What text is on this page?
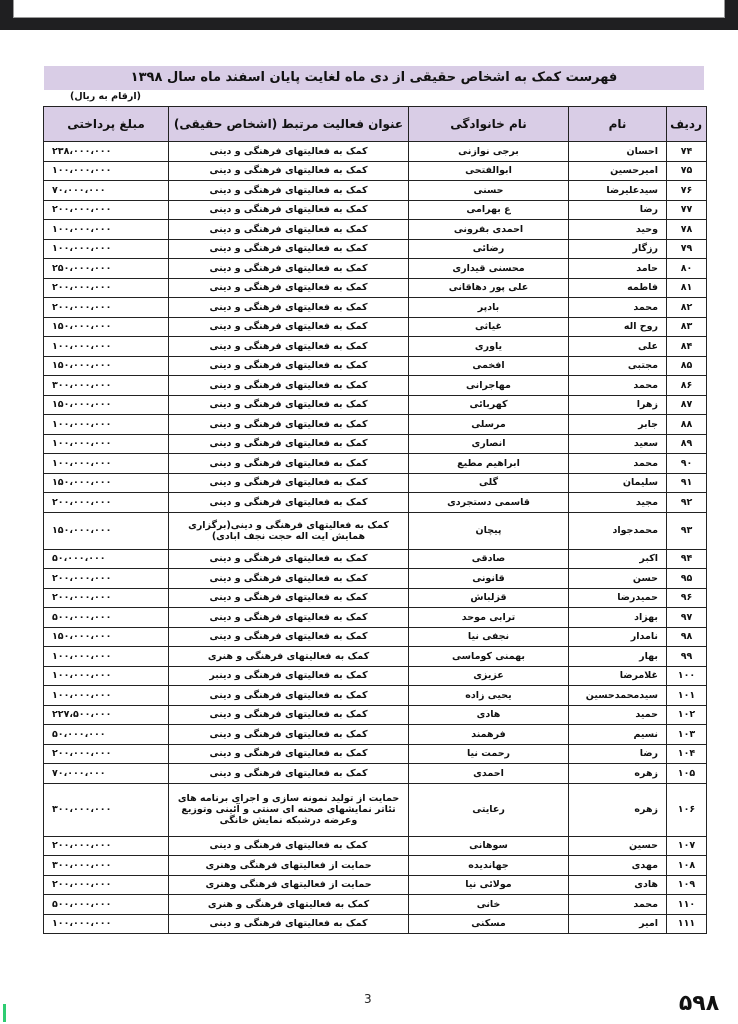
فهرست کمک به اشخاص حقیقی از دی ماه لغایت پایان اسفند ماه سال ۱۳۹۸
(ارقام به ریال)
ردیف	نام	نام خانوادگی	عنوان فعالیت مرتبط (اشخاص حقیقی)	مبلغ پرداختی
۷۴	احسان	برجی نوازنی	کمک به فعالیتهای فرهنگی و دینی	۲۳۸،۰۰۰،۰۰۰
۷۵	امیرحسین	ابوالفتحی	کمک به فعالیتهای فرهنگی و دینی	۱۰۰،۰۰۰،۰۰۰
۷۶	سیدعلیرضا	حسنی	کمک به فعالیتهای فرهنگی و دینی	۷۰،۰۰۰،۰۰۰
۷۷	رضا	ع بهرامی	کمک به فعالیتهای فرهنگی و دینی	۲۰۰،۰۰۰،۰۰۰
۷۸	وحید	احمدی بفرونی	کمک به فعالیتهای فرهنگی و دینی	۱۰۰،۰۰۰،۰۰۰
۷۹	رزگار	رضائی	کمک به فعالیتهای فرهنگی و دینی	۱۰۰،۰۰۰،۰۰۰
۸۰	حامد	محسنی قیداری	کمک به فعالیتهای فرهنگی و دینی	۲۵۰،۰۰۰،۰۰۰
۸۱	فاطمه	علی پور دهاقانی	کمک به فعالیتهای فرهنگی و دینی	۲۰۰،۰۰۰،۰۰۰
۸۲	محمد	بادپر	کمک به فعالیتهای فرهنگی و دینی	۲۰۰،۰۰۰،۰۰۰
۸۳	روح اله	غیاثی	کمک به فعالیتهای فرهنگی و دینی	۱۵۰،۰۰۰،۰۰۰
۸۴	علی	یاوری	کمک به فعالیتهای فرهنگی و دینی	۱۰۰،۰۰۰،۰۰۰
۸۵	مجتبی	افخمی	کمک به فعالیتهای فرهنگی و دینی	۱۵۰،۰۰۰،۰۰۰
۸۶	محمد	مهاجرانی	کمک به فعالیتهای فرهنگی و دینی	۳۰۰،۰۰۰،۰۰۰
۸۷	زهرا	کهربائی	کمک به فعالیتهای فرهنگی و دینی	۱۵۰،۰۰۰،۰۰۰
۸۸	جابر	مرسلی	کمک به فعالیتهای فرهنگی و دینی	۱۰۰،۰۰۰،۰۰۰
۸۹	سعید	انصاری	کمک به فعالیتهای فرهنگی و دینی	۱۰۰،۰۰۰،۰۰۰
۹۰	محمد	ابراهیم مطیع	کمک به فعالیتهای فرهنگی و دینی	۱۰۰،۰۰۰،۰۰۰
۹۱	سلیمان	گلی	کمک به فعالیتهای فرهنگی و دینی	۱۵۰،۰۰۰،۰۰۰
۹۲	مجید	قاسمی دستجردی	کمک به فعالیتهای فرهنگی و دینی	۲۰۰،۰۰۰،۰۰۰
۹۳	محمدجواد	پیچان	کمک به فعالیتهای فرهنگی و دینی(برگزاری همایش ایت اله حجت نجف ابادی)	۱۵۰،۰۰۰،۰۰۰
۹۴	اکبر	صادقی	کمک به فعالیتهای فرهنگی و دینی	۵۰،۰۰۰،۰۰۰
۹۵	حسن	قانونی	کمک به فعالیتهای فرهنگی و دینی	۲۰۰،۰۰۰،۰۰۰
۹۶	حمیدرضا	قزلباش	کمک به فعالیتهای فرهنگی و دینی	۲۰۰،۰۰۰،۰۰۰
۹۷	بهزاد	ترابی موحد	کمک به فعالیتهای فرهنگی و دینی	۵۰۰،۰۰۰،۰۰۰
۹۸	نامدار	نجفی نیا	کمک به فعالیتهای فرهنگی و دینی	۱۵۰،۰۰۰،۰۰۰
۹۹	بهار	بهمنی کوماسی	کمک به فعالیتهای فرهنگی و هنری	۱۰۰،۰۰۰،۰۰۰
۱۰۰	غلامرضا	عزیزی	کمک به فعالیتهای فرهنگی و دینبر	۱۰۰،۰۰۰،۰۰۰
۱۰۱	سیدمحمدحسین	یحیی زاده	کمک به فعالیتهای فرهنگی و دینی	۱۰۰،۰۰۰،۰۰۰
۱۰۲	حمید	هادی	کمک به فعالیتهای فرهنگی و دینی	۲۲۷،۵۰۰،۰۰۰
۱۰۳	نسیم	فرهمند	کمک به فعالیتهای فرهنگی و دینی	۵۰،۰۰۰،۰۰۰
۱۰۴	رضا	رحمت نیا	کمک به فعالیتهای فرهنگی و دینی	۲۰۰،۰۰۰،۰۰۰
۱۰۵	زهره	احمدی	کمک به فعالیتهای فرهنگی و دینی	۷۰،۰۰۰،۰۰۰
۱۰۶	زهره	رعایتی	حمایت از تولید نمونه سازی و اجرای برنامه های تئاتر نمایشهای صحنه ای سنتی و آئینی وتوزیع وعرضه درشبکه نمایش خانگی	۳۰۰،۰۰۰،۰۰۰
۱۰۷	حسین	سوهانی	کمک به فعالیتهای فرهنگی و دینی	۲۰۰،۰۰۰،۰۰۰
۱۰۸	مهدی	جهاندیده	حمایت از فعالیتهای فرهنگی وهنری	۳۰۰،۰۰۰،۰۰۰
۱۰۹	هادی	مولائی نیا	حمایت از فعالیتهای فرهنگی وهنری	۲۰۰،۰۰۰،۰۰۰
۱۱۰	محمد	خانی	کمک به فعالیتهای فرهنگی و هنری	۵۰۰،۰۰۰،۰۰۰
۱۱۱	امیر	مسکنی	کمک به فعالیتهای فرهنگی و دینی	۱۰۰،۰۰۰،۰۰۰
3
598.ir	۵۹۸
